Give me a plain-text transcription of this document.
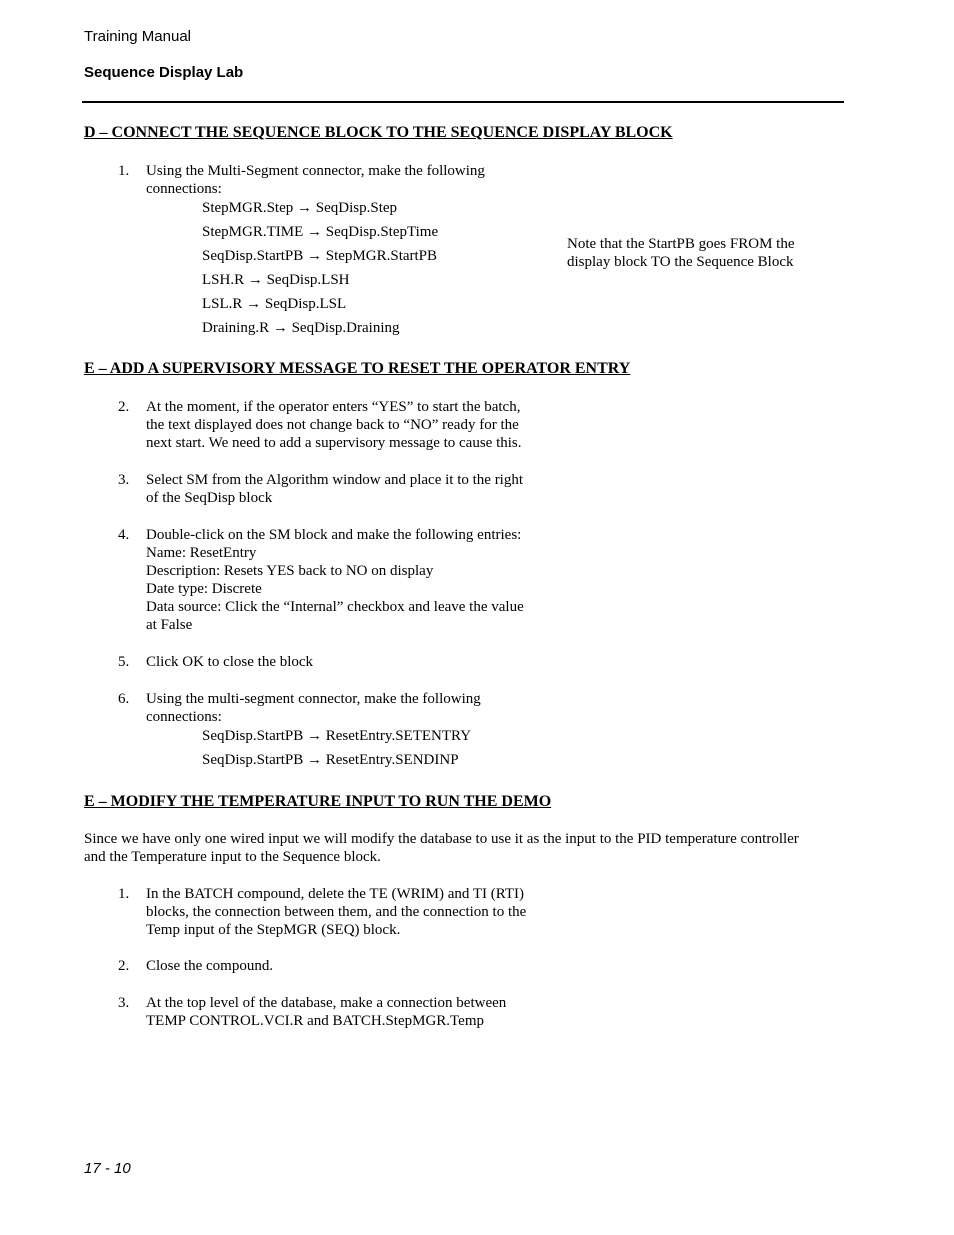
Training Manual
Sequence Display Lab
D – CONNECT THE SEQUENCE BLOCK TO THE SEQUENCE DISPLAY BLOCK
1. Using the Multi-Segment connector, make the following
connections:
StepMGR.Step → SeqDisp.Step
StepMGR.TIME → SeqDisp.StepTime
SeqDisp.StartPB → StepMGR.StartPB
LSH.R → SeqDisp.LSH
LSL.R → SeqDisp.LSL
Draining.R → SeqDisp.Draining
Note that the StartPB goes FROM the
display block TO the Sequence Block
E – ADD A SUPERVISORY MESSAGE TO RESET THE OPERATOR ENTRY
2. At the moment, if the operator enters “YES” to start the batch,
the text displayed does not change back to “NO” ready for the
next start. We need to add a supervisory message to cause this.
3. Select SM from the Algorithm window and place it to the right
of the SeqDisp block
4. Double-click on the SM block and make the following entries:
Name: ResetEntry
Description: Resets YES back to NO on display
Date type: Discrete
Data source: Click the “Internal” checkbox and leave the value
at False
5. Click OK to close the block
6. Using the multi-segment connector, make the following
connections:
SeqDisp.StartPB → ResetEntry.SETENTRY
SeqDisp.StartPB → ResetEntry.SENDINP
E – MODIFY THE TEMPERATURE INPUT TO RUN THE DEMO
Since we have only one wired input we will modify the database to use it as the input to the PID temperature controller
and the Temperature input to the Sequence block.
1. In the BATCH compound, delete the TE (WRIM) and TI (RTI)
blocks, the connection between them, and the connection to the
Temp input of the StepMGR (SEQ) block.
2. Close the compound.
3. At the top level of the database, make a connection between
TEMP CONTROL.VCI.R and BATCH.StepMGR.Temp
17 - 10
